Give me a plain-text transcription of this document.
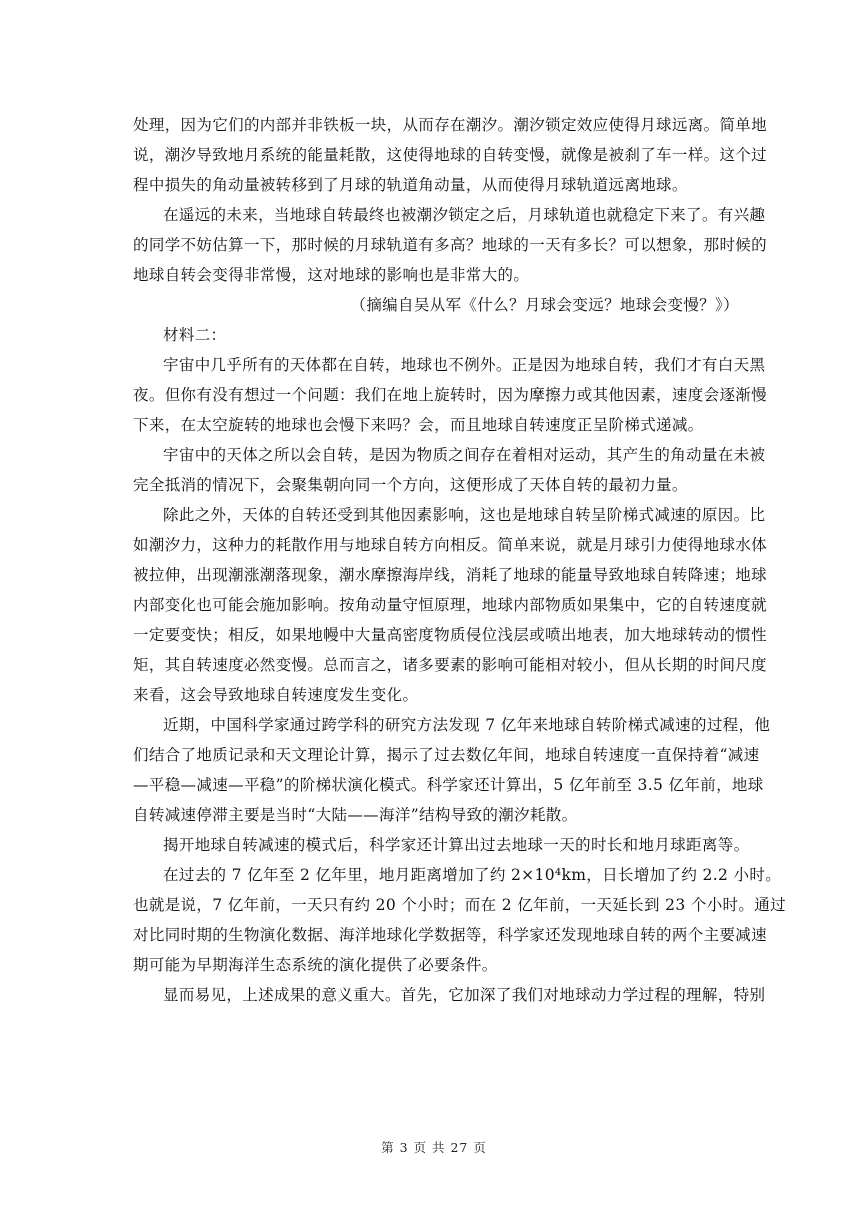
处理，因为它们的内部并非铁板一块，从而存在潮汐。潮汐锁定效应使得月球远离。简单地
说，潮汐导致地月系统的能量耗散，这使得地球的自转变慢，就像是被刹了车一样。这个过
程中损失的角动量被转移到了月球的轨道角动量，从而使得月球轨道远离地球。
在遥远的未来，当地球自转最终也被潮汐锁定之后，月球轨道也就稳定下来了。有兴趣
的同学不妨估算一下，那时候的月球轨道有多高？地球的一天有多长？可以想象，那时候的
地球自转会变得非常慢，这对地球的影响也是非常大的。
（摘编自吴从军《什么？月球会变远？地球会变慢？》）
材料二：
宇宙中几乎所有的天体都在自转，地球也不例外。正是因为地球自转，我们才有白天黑
夜。但你有没有想过一个问题：我们在地上旋转时，因为摩擦力或其他因素，速度会逐渐慢
下来，在太空旋转的地球也会慢下来吗？会，而且地球自转速度正呈阶梯式递减。
宇宙中的天体之所以会自转，是因为物质之间存在着相对运动，其产生的角动量在未被
完全抵消的情况下，会聚集朝向同一个方向，这便形成了天体自转的最初力量。
除此之外，天体的自转还受到其他因素影响，这也是地球自转呈阶梯式减速的原因。比
如潮汐力，这种力的耗散作用与地球自转方向相反。简单来说，就是月球引力使得地球水体
被拉伸，出现潮涨潮落现象，潮水摩擦海岸线，消耗了地球的能量导致地球自转降速；地球
内部变化也可能会施加影响。按角动量守恒原理，地球内部物质如果集中，它的自转速度就
一定要变快；相反，如果地幔中大量高密度物质侵位浅层或喷出地表，加大地球转动的惯性
矩，其自转速度必然变慢。总而言之，诸多要素的影响可能相对较小，但从长期的时间尺度
来看，这会导致地球自转速度发生变化。
近期，中国科学家通过跨学科的研究方法发现 7 亿年来地球自转阶梯式减速的过程，他
们结合了地质记录和天文理论计算，揭示了过去数亿年间，地球自转速度一直保持着“减速
—平稳—减速—平稳”的阶梯状演化模式。科学家还计算出，5 亿年前至 3.5 亿年前，地球
自转减速停滞主要是当时“大陆——海洋”结构导致的潮汐耗散。
揭开地球自转减速的模式后，科学家还计算出过去地球一天的时长和地月球距离等。
在过去的 7 亿年至 2 亿年里，地月距离增加了约 2×10⁴km，日长增加了约 2.2 小时。
也就是说，7 亿年前，一天只有约 20 个小时；而在 2 亿年前，一天延长到 23 个小时。通过
对比同时期的生物演化数据、海洋地球化学数据等，科学家还发现地球自转的两个主要减速
期可能为早期海洋生态系统的演化提供了必要条件。
显而易见，上述成果的意义重大。首先，它加深了我们对地球动力学过程的理解，特别
第 3 页 共 27 页
